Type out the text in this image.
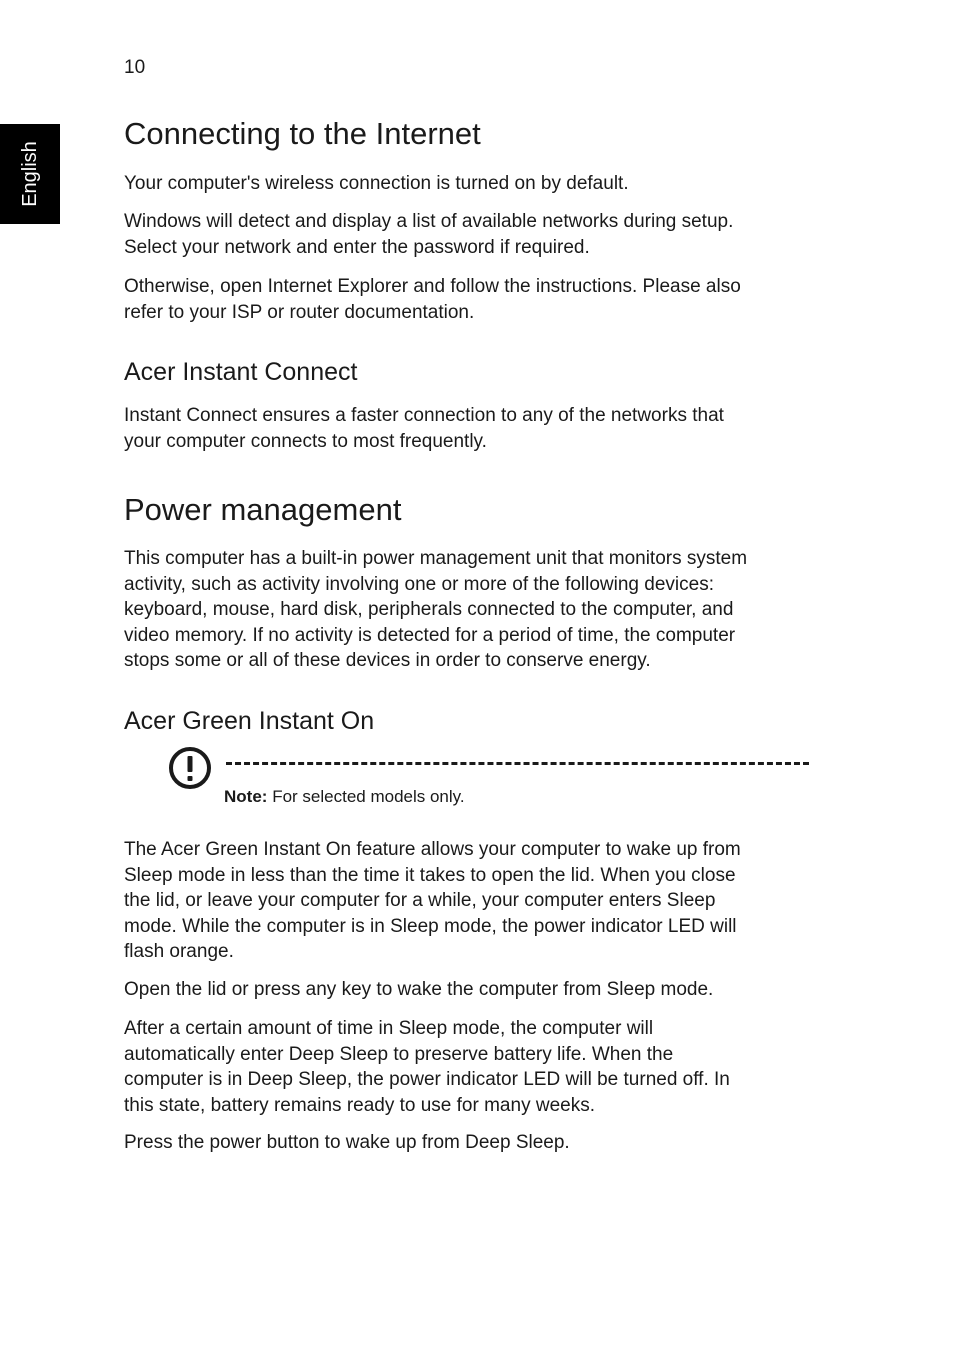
10
English
Connecting to the Internet
Your computer's wireless connection is turned on by default.
Windows will detect and display a list of available networks during setup.
Select your network and enter the password if required.
Otherwise, open Internet Explorer and follow the instructions. Please also
refer to your ISP or router documentation.
Acer Instant Connect
Instant Connect ensures a faster connection to any of the networks that
your computer connects to most frequently.
Power management
This computer has a built-in power management unit that monitors system
activity, such as activity involving one or more of the following devices:
keyboard, mouse, hard disk, peripherals connected to the computer, and
video memory. If no activity is detected for a period of time, the computer
stops some or all of these devices in order to conserve energy.
Acer Green Instant On
Note: For selected models only.
The Acer Green Instant On feature allows your computer to wake up from
Sleep mode in less than the time it takes to open the lid. When you close
the lid, or leave your computer for a while, your computer enters Sleep
mode. While the computer is in Sleep mode, the power indicator LED will
flash orange.
Open the lid or press any key to wake the computer from Sleep mode.
After a certain amount of time in Sleep mode, the computer will
automatically enter Deep Sleep to preserve battery life. When the
computer is in Deep Sleep, the power indicator LED will be turned off. In
this state, battery remains ready to use for many weeks.
Press the power button to wake up from Deep Sleep.
